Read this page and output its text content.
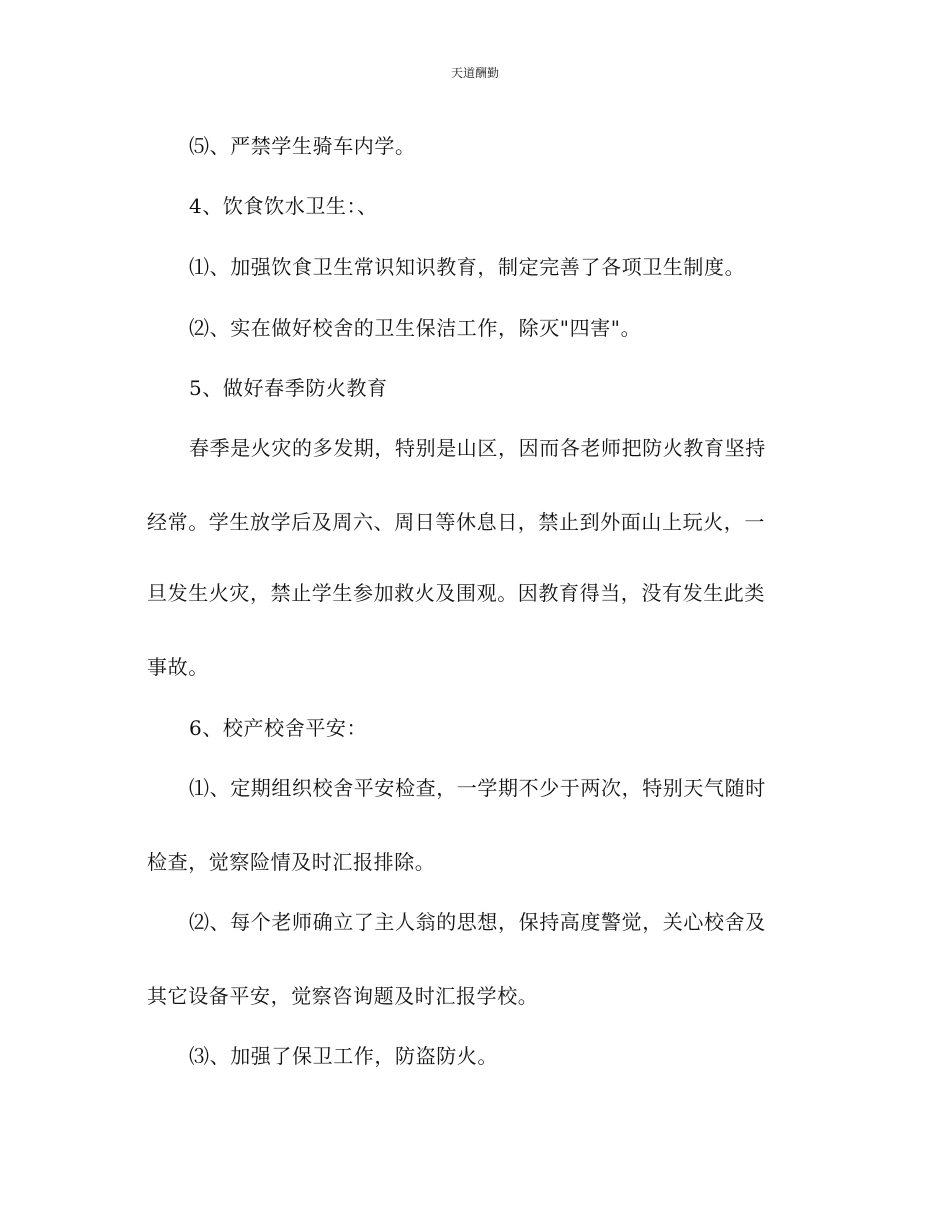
天道酬勤
⑸、严禁学生骑车内学。
4、饮食饮水卫生：、
⑴、加强饮食卫生常识知识教育，制定完善了各项卫生制度。
⑵、实在做好校舍的卫生保洁工作，除灭"四害"。
5、做好春季防火教育
春季是火灾的多发期，特别是山区，因而各老师把防火教育坚持
经常。学生放学后及周六、周日等休息日，禁止到外面山上玩火，一
旦发生火灾，禁止学生参加救火及围观。因教育得当，没有发生此类
事故。
6、校产校舍平安：
⑴、定期组织校舍平安检查，一学期不少于两次，特别天气随时
检查，觉察险情及时汇报排除。
⑵、每个老师确立了主人翁的思想，保持高度警觉，关心校舍及
其它设备平安，觉察咨询题及时汇报学校。
⑶、加强了保卫工作，防盗防火。
